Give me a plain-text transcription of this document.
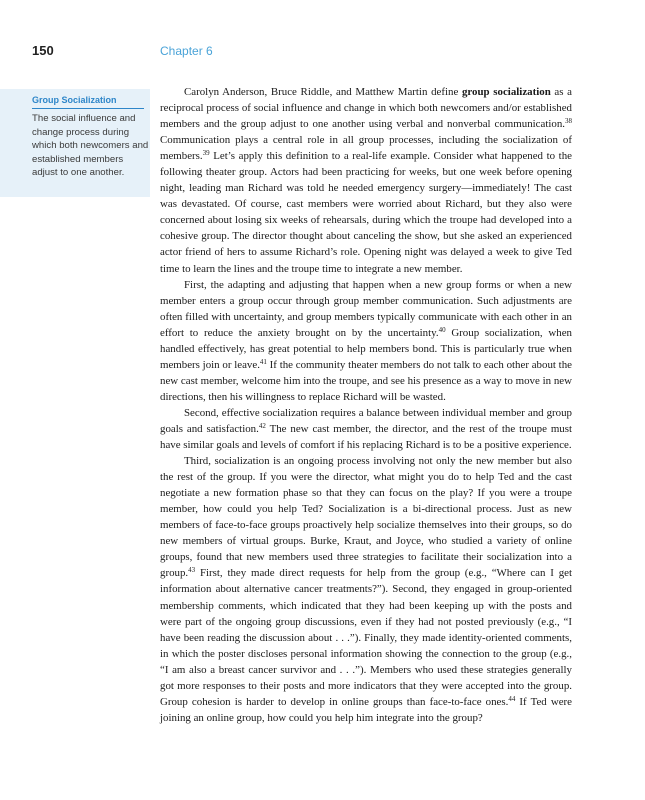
150	Chapter 6
Group Socialization
The social influence and change process during which both newcomers and established members adjust to one another.

Carolyn Anderson, Bruce Riddle, and Matthew Martin define group socialization as a reciprocal process of social influence and change in which both newcomers and/or established members and the group adjust to one another using verbal and nonverbal communication.$^{38}$ Communication plays a central role in all group processes, including the socialization of members.$^{39}$ Let’s apply this definition to a real-life example. Consider what happened to the following theater group. Actors had been practicing for weeks, but one week before opening night, leading man Richard was told he needed emergency surgery—immediately! The cast was devastated. Of course, cast members were worried about Richard, but they also were concerned about losing six weeks of rehearsals, during which the troupe had developed into a cohesive group. The director thought about canceling the show, but she asked an experienced actor friend of hers to assume Richard’s role. Opening night was delayed a week to give Ted time to learn the lines and the troupe time to integrate a new member.

First, the adapting and adjusting that happen when a new group forms or when a new member enters a group occur through group member communication. Such adjustments are often filled with uncertainty, and group members typically communicate with each other in an effort to reduce the anxiety brought on by the uncertainty.$^{40}$ Group socialization, when handled effectively, has great potential to help members bond. This is particularly true when members join or leave.$^{41}$ If the community theater members do not talk to each other about the new cast member, welcome him into the troupe, and see his presence as a way to move in new directions, then his willingness to replace Richard will be wasted.

Second, effective socialization requires a balance between individual member and group goals and satisfaction.$^{42}$ The new cast member, the director, and the rest of the troupe must have similar goals and levels of comfort if his replacing Richard is to be a positive experience.

Third, socialization is an ongoing process involving not only the new member but also the rest of the group. If you were the director, what might you do to help Ted and the cast negotiate a new formation phase so that they can focus on the play? If you were a troupe member, how could you help Ted? Socialization is a bi-directional process. Just as new members of face-to-face groups proactively help socialize themselves into their groups, so do new members of virtual groups. Burke, Kraut, and Joyce, who studied a variety of online groups, found that new members used three strategies to facilitate their socialization into a group.$^{43}$ First, they made direct requests for help from the group (e.g., “Where can I get information about alternative cancer treatments?”). Second, they engaged in group-oriented membership comments, which indicated that they had been keeping up with the posts and were part of the ongoing group discussions, even if they had not posted previously (e.g., “I have been reading the discussion about . . .”). Finally, they made identity-oriented comments, in which the poster discloses personal information showing the connection to the group (e.g., “I am also a breast cancer survivor and . . .”). Members who used these strategies generally got more responses to their posts and more indicators that they were accepted into the group. Group cohesion is harder to develop in online groups than face-to-face ones.$^{44}$ If Ted were joining an online group, how could you help him integrate into the group?
